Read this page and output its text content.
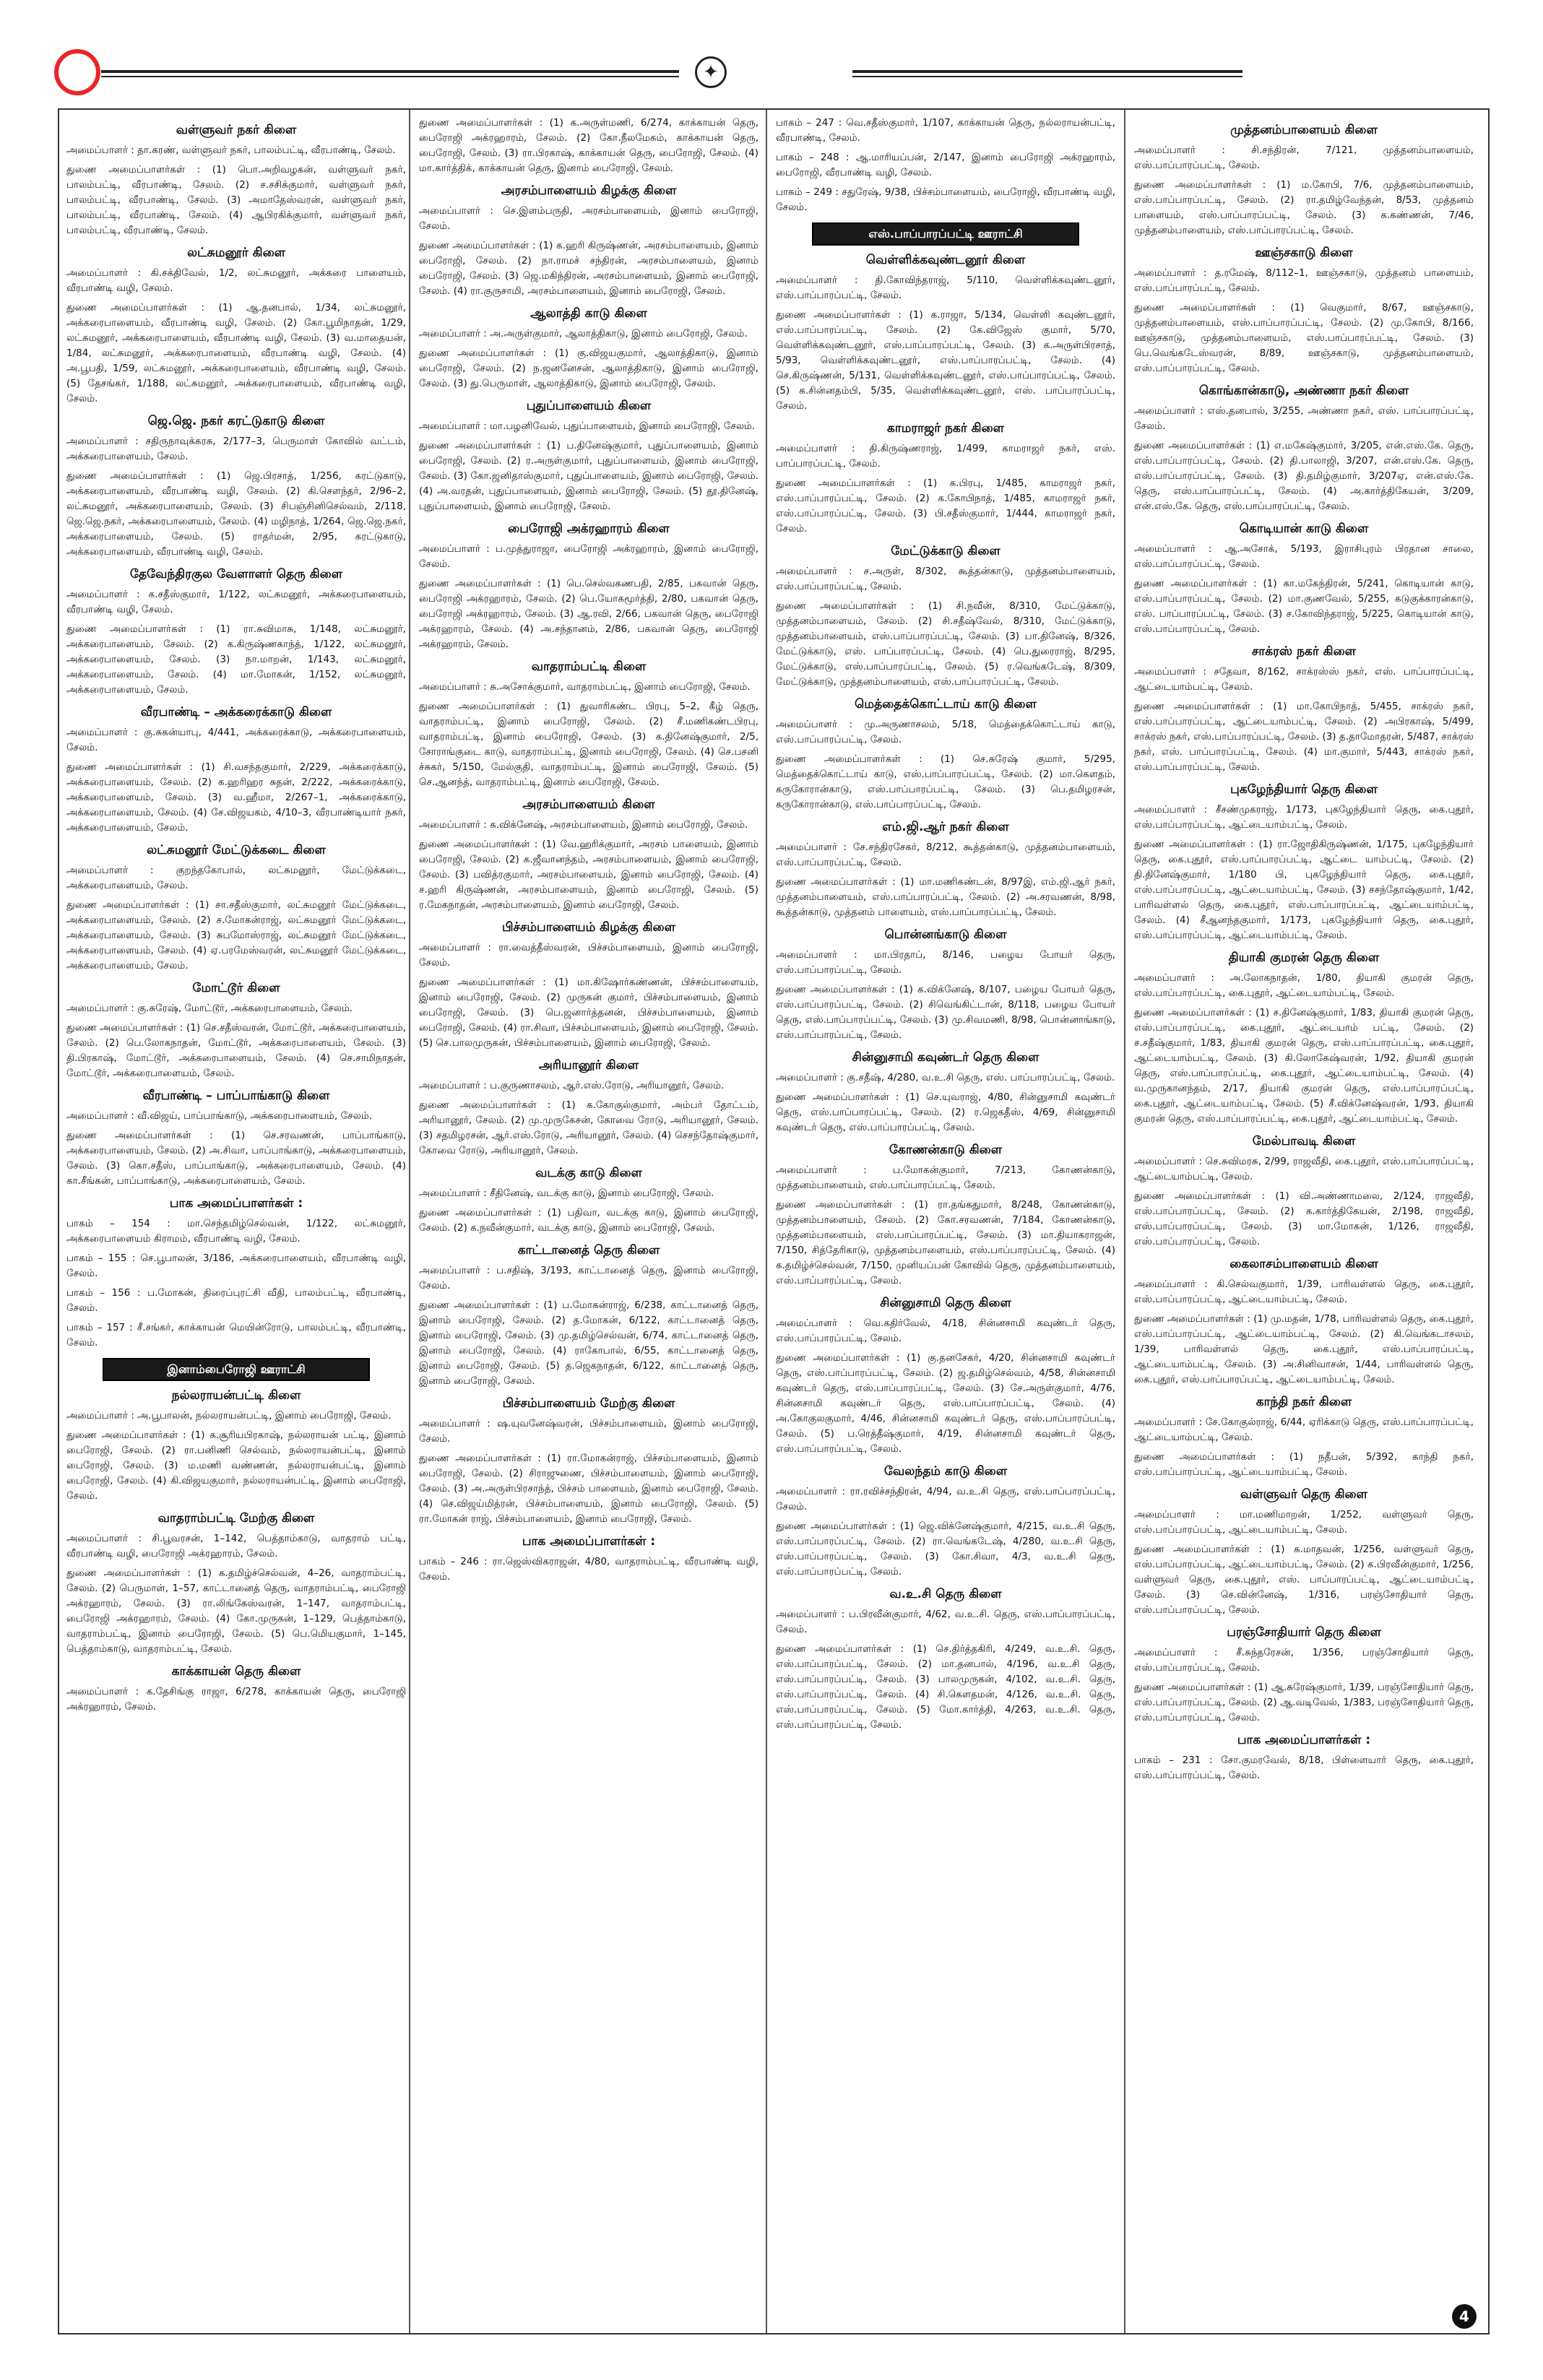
✦
வள்ளுவர் நகர் கிளை

அமைப்பாளர் : தா.கரண், வள்ளுவர் நகர், பாலம்பட்டி, வீரபாண்டி, சேலம்.

துணை அமைப்பாளர்கள் : (1) பொ.அறிவழகன், வள்ளுவர் நகர், பாலம்பட்டி, வீரபாண்டி, சேலம். (2) ச.சசிக்குமார், வள்ளுவர் நகர், பாலம்பட்டி, வீரபாண்டி, சேலம். (3) அமாதேஸ்வரன், வள்ளுவர் நகர், பாலம்பட்டி, வீரபாண்டி, சேலம். (4) ஆபிரகிக்குமார், வள்ளுவர் நகர், பாலம்பட்டி, வீரபாண்டி, சேலம்.

லட்சுமனூர் கிளை

அமைப்பாளர் : கி.சக்திவேல், 1/2, லட்சுமனூர், அக்கரை பாளையம், வீரபாண்டி வழி, சேலம்.

துணை அமைப்பாளர்கள் : (1) ஆ.தனபால், 1/34, லட்சுமனூர், அக்கரைபாளையம், வீரபாண்டி வழி, சேலம். (2) கோ.பூமிநாதன், 1/29, லட்சுமனூர், அக்கரைபாளையம், வீரபாண்டி வழி, சேலம். (3) வ.மாதையன், 1/84, லட்சுமனூர், அக்கரைபாளையம், வீரபாண்டி வழி, சேலம். (4) அ.பூபதி, 1/59, லட்சுமனூர், அக்கரைபாளையம், வீரபாண்டி வழி, சேலம். (5) தேசங்கர், 1/188, லட்சுமனூர், அக்கரைபாளையம், வீரபாண்டி வழி, சேலம்.

ஜெ.ஜெ. நகர் கரட்டுகாடு கிளை

அமைப்பாளர் : சதிருநாவுக்கரசு, 2/177–3, பெருமாள் கோவில் வட்டம், அக்கரைபாளையம், சேலம்.

துணை அமைப்பாளர்கள் : (1) ஜெ.பிரசாத், 1/256, கரட்டுகாடு, அக்கரைபாளையம், வீரபாண்டி வழி, சேலம். (2) கி.சௌந்தர், 2/96–2, லட்சுமனூர், அக்கரைபாளையம், சேலம். (3) சிபஞ்சினிசெல்வம், 2/118, ஜெ.ஜெ.நகர், அக்கரைபாளையம், சேலம். (4) மழிநாத், 1/264, ஜெ.ஜெ.நகர், அக்கரைபாளையம், சேலம். (5) ராதர்மன், 2/95, கரட்டுகாடு, அக்கரைபாளையம், வீரபாண்டி வழி, சேலம்.

தேவேந்திரகுல வேளாளர் தெரு கிளை

அமைப்பாளர் : க.சதீஸ்குமார், 1/122, லட்சுமனூர், அக்கரைபாளையம், வீரபாண்டி வழி, சேலம்.

துணை அமைப்பாளர்கள் : (1) ரா.சுவிமாசு, 1/148, லட்சுமனூர், அக்கரைபாளையம், சேலம். (2) க.கிருஷ்ணகாந்த், 1/122, லட்சுமனூர், அக்கரைபாளையம், சேலம். (3) நா.மாறன், 1/143, லட்சுமனூர், அக்கரைபாளையம், சேலம். (4) மா.மோகன், 1/152, லட்சுமனூர், அக்கரைபாளையம், சேலம்.

வீரபாண்டி – அக்கரைக்காடு கிளை

அமைப்பாளர் : கு.சுகன்யாபு, 4/441, அக்கரைக்காடு, அக்கரைபாளையம், சேலம்.

துணை அமைப்பாளர்கள் : (1) சி.வசந்தகுமார், 2/229, அக்கரைக்காடு, அக்கரைபாளையம், சேலம். (2) க.ஹரிஹர சுதன், 2/222, அக்கரைக்காடு, அக்கரைபாளையம், சேலம். (3) வ.ஹீமா, 2/267–1, அக்கரைக்காடு, அக்கரைபாளையம், சேலம். (4) சே.விஜயகம், 4/10–3, வீரபாண்டியார் நகர், அக்கரைபாளையம், சேலம்.

லட்சுமனூர் மேட்டுக்கடை கிளை

அமைப்பாளர் : குறந்தகோபால், லட்சுமனூர், மேட்டுக்கடை, அக்கரைபாளையம், சேலம்.

துணை அமைப்பாளர்கள் : (1) சா.சதீஸ்குமார், லட்சுமனூர் மேட்டுக்கடை, அக்கரைபாளையம், சேலம். (2) ச.மோகன்ராஜ், லட்சுமனூர் மேட்டுக்கடை, அக்கரைபாளையம், சேலம். (3) சுபமோஸ்ராஜ், லட்சுமனூர் மேட்டுக்கடை, அக்கரைபாளையம், சேலம். (4) ஏ.பரமேஸ்வரன், லட்சுமனூர் மேட்டுக்கடை, அக்கரைபாளையம், சேலம்.

மோட்டூர் கிளை

அமைப்பாளர் : கு.சுரேஷ், மோட்டூர், அக்கரைபாளையம், சேலம்.

துணை அமைப்பாளர்கள் : (1) செ.சதீஸ்வரன், மோட்டூர், அக்கரைபாளையம், சேலம். (2) பெ.லோகநாதன், மோட்டூர், அக்கரைபாளையம், சேலம். (3) தி.பிரகாஷ், மோட்டூர், அக்கரைபாளையம், சேலம். (4) செ.சாமிநாதன், மோட்டூர், அக்கரைபாளையம், சேலம்.

வீரபாண்டி – பாப்பாங்காடு கிளை

அமைப்பாளர் : வீ.விஜய், பாப்பாங்காடு, அக்கரைபாளையம், சேலம்.

துணை அமைப்பாளர்கள் : (1) செ.சரவணன், பாப்பாங்காடு, அக்கரைபாளையம், சேலம். (2) அ.சிவா, பாப்பாங்காடு, அக்கரைபாளையம், சேலம். (3) கொ.சதீஸ், பாப்பாங்காடு, அக்கரைபாளையம், சேலம். (4) கா.சீங்கன், பாப்பாங்காடு, அக்கரைபாளையம், சேலம்.

பாக அமைப்பாளர்கள் :

பாகம் – 154 : மா.செந்தமிழ்செல்வன், 1/122, லட்சுமனூர், அக்கரைபாளையம் கிராமம், வீரபாண்டி வழி, சேலம்.

பாகம் – 155 : செ.பூபாலன், 3/186, அக்கரைபாளையம், வீரபாண்டி வழி, சேலம்.

பாகம் – 156 : ப.மோகன், திரைப்புரட்சி வீதி, பாலம்பட்டி, வீரபாண்டி, சேலம்.

பாகம் – 157 : சீ.சங்கர், காக்காயன் மெயின்ரோடு, பாலம்பட்டி, வீரபாண்டி, சேலம்.

இனாம்பைரோஜி ஊராட்சி
நல்லராயன்பட்டி கிளை

அமைப்பாளர் : அ.பூபாலன், நல்லராயன்பட்டி, இனாம் பைரோஜி, சேலம்.

துணை அமைப்பாளர்கள் : (1) க.சூரியபிரகாஷ், நல்லராயன் பட்டி, இனாம் பைரோஜி, சேலம். (2) ரா.பனிணி செல்வம், நல்லராயன்பட்டி, இனாம் பைரோஜி, சேலம். (3) ம.மணி வண்ணன், நல்லராயன்பட்டி, இனாம் பைரோஜி, சேலம். (4) கி.விஜயகுமார், நல்லராயன்பட்டி, இனாம் பைரோஜி, சேலம்.

வாதராம்பட்டி மேற்கு கிளை

அமைப்பாளர் : சி.பூவரசன், 1–142, பெத்தாம்காடு, வாதராம் பட்டி, வீரபாண்டி வழி, பைரோஜி அக்ரஹாரம், சேலம்.

துணை அமைப்பாளர்கள் : (1) க.தமிழ்ச்செல்வன், 4–26, வாதராம்பட்டி, சேலம். (2) பெருமாள், 1–57, காட்டானைத் தெரு, வாதராம்பட்டி, பைரோஜி அக்ரஹாரம், சேலம். (3) ரா.லிங்கேஸ்வரன், 1–147, வாதராம்பட்டி, பைரோஜி அக்ரஹாரம், சேலம். (4) கோ.முருகன், 1–129, பெத்தாம்காடு, வாதராம்பட்டி, இனாம் பைரோஜி, சேலம். (5) பெ.மெியகுமார், 1–145, பெத்தாம்காடு, வாதராம்பட்டி, சேலம்.

காக்காயன் தெரு கிளை

அமைப்பாளர் : க.தேசிங்கு ராஜா, 6/278, காக்காயன் தெரு, பைரோஜி அக்ரஹாரம், சேலம்.

துணை அமைப்பாளர்கள் : (1) க.அருள்மணி, 6/274, காக்காயன் தெரு, பைரோஜி அக்ரஹாரம், சேலம். (2) கோ.நீலமேகம், காக்காயன் தெரு, பைரோஜி, சேலம். (3) ரா.பிரகாஷ், காக்காயன் தெரு, பைரோஜி, சேலம். (4) மா.கார்த்திக், காக்காயன் தெரு, இனாம் பைரோஜி, சேலம்.

அரசம்பாளையம் கிழக்கு கிளை

அமைப்பாளர் : செ.இளம்பருதி, அரசம்பாளையம், இனாம் பைரோஜி, சேலம்.

துணை அமைப்பாளர்கள் : (1) க.ஹரி கிருஷ்ணன், அரசம்பாளையம், இனாம் பைரோஜி, சேலம். (2) நா.ராமச் சந்திரன், அரசம்பாளையம், இனாம் பைரோஜி, சேலம். (3) ஜெ.மகிந்திரன், அரசம்பாளையம், இனாம் பைரோஜி, சேலம். (4) ரா.குருசாமி, அரசம்பாளையம், இனாம் பைரோஜி, சேலம்.

ஆலாத்தி காடு கிளை

அமைப்பாளர் : அ.அருள்குமார், ஆலாத்திகாடு, இனாம் பைரோஜி, சேலம்.

துணை அமைப்பாளர்கள் : (1) கு.விஜயகுமார், ஆலாத்திகாடு, இனாம் பைரோஜி, சேலம். (2) ந.ஜனனேசன், ஆலாத்திகாடு, இனாம் பைரோஜி, சேலம். (3) து.பெருமாள், ஆலாத்திகாடு, இனாம் பைரோஜி, சேலம்.

புதுப்பாளையம் கிளை

அமைப்பாளர் : மா.பழனிவேல், புதுப்பாளையம், இனாம் பைரோஜி, சேலம்.

துணை அமைப்பாளர்கள் : (1) ப.தினேஷ்குமார், புதுப்பாளையம், இனாம் பைரோஜி, சேலம். (2) ர.அருள்குமார், புதுப்பாளையம், இனாம் பைரோஜி, சேலம். (3) கோ.ஜனிதாஸ்குமார், புதுப்பாளையம், இனாம் பைரோஜி, சேலம். (4) அ.வரதன், புதுப்பாளையம், இனாம் பைரோஜி, சேலம். (5) தூ.தினேஷ், புதுப்பாளையம், இனாம் பைரோஜி, சேலம்.

பைரோஜி அக்ரஹாரம் கிளை

அமைப்பாளர் : ப.முத்துராஜா, பைரோஜி அக்ரஹாரம், இனாம் பைரோஜி, சேலம்.

துணை அமைப்பாளர்கள் : (1) பெ.செல்வகணபதி, 2/85, பகவான் தெரு, பைரோஜி அக்ரஹாரம், சேலம். (2) பெ.யோகமூர்த்தி, 2/80, பகவான் தெரு, பைரோஜி அக்ரஹாரம், சேலம். (3) ஆ.ரவி, 2/66, பகவான் தெரு, பைரோஜி அக்ரஹாரம், சேலம். (4) அ.சந்தானம், 2/86, பகவான் தெரு, பைரோஜி அக்ரஹாரம், சேலம்.

வாதராம்பட்டி கிளை

அமைப்பாளர் : சு.அசோக்குமார், வாதராம்பட்டி, இனாம் பைரோஜி, சேலம்.

துணை அமைப்பாளர்கள் : (1) துவாரிகண்ட பிரபு, 5–2, கீழ் தெரு, வாதராம்பட்டி, இனாம் பைரோஜி, சேலம். (2) சீ.மணிகண்டபிரபு, வாதராம்பட்டி, இனாம் பைரோஜி, சேலம். (3) க.தினேஷ்குமார், 2/5, சோராங்குடை காடு, வாதராம்பட்டி, இனாம் பைரோஜி, சேலம். (4) செ.பசனி ச்சுகர், 5/150, மேல்குதி, வாதராம்பட்டி, இனாம் பைரோஜி, சேலம். (5) செ.ஆனந்த், வாதராம்பட்டி, இனாம் பைரோஜி, சேலம்.

அரசம்பாளையம் கிளை

அமைப்பாளர் : க.விக்னேஷ், அரசம்பாளையம், இனாம் பைரோஜி, சேலம்.

துணை அமைப்பாளர்கள் : (1) வே.ஹரிக்குமார், அரசம் பாளையம், இனாம் பைரோஜி, சேலம். (2) க.ஜீவானந்தம், அரசம்பாளையம், இனாம் பைரோஜி, சேலம். (3) பவித்ரகுமார், அரசம்பாளையம், இனாம் பைரோஜி, சேலம். (4) ச.ஹரி கிருஷ்ணன், அரசம்பாளையம், இனாம் பைரோஜி, சேலம். (5) ர.மேகநாதன், அரசம்பாளையம், இனாம் பைரோஜி, சேலம்.

பிச்சம்பாளையம் கிழக்கு கிளை

அமைப்பாளர் : ரா.வைத்தீஸ்வரன், பிச்சம்பாளையம், இனாம் பைரோஜி, சேலம்.

துணை அமைப்பாளர்கள் : (1) மா.கிஷோர்கண்ணன், பிச்சம்பாளையம், இனாம் பைரோஜி, சேலம். (2) முருகன் குமார், பிச்சம்பாளையம், இனாம் பைரோஜி, சேலம். (3) பெ.ஜனார்த்தனன், பிச்சம்பாளையம், இனாம் பைரோஜி, சேலம். (4) ரா.சிவா, பிச்சம்பாளையம், இனாம் பைரோஜி, சேலம். (5) செ.பாலமுருகன், பிச்சம்பாளையம், இனாம் பைரோஜி, சேலம்.

அரியானூர் கிளை

அமைப்பாளர் : ப.குருணாசலம், ஆர்.எஸ்.ரோடு, அரியானூர், சேலம்.

துணை அமைப்பாளர்கள் : (1) க.கோகுல்குமார், அம்பர் தோட்டம், அரியானூர், சேலம். (2) மு.முருகேசன், கோவை ரோடு, அரியானூர், சேலம். (3) சதமிழரசன், ஆர்.எஸ்.ரோடு, அரியானூர், சேலம். (4) செசந்தோஷ்குமார், கோவை ரோடு, அரியானூர், சேலம்.

வடக்கு காடு கிளை

அமைப்பாளர் : சீதினேஷ், வடக்கு காடு, இனாம் பைரோஜி, சேலம்.

துணை அமைப்பாளர்கள் : (1) பதிவா, வடக்கு காடு, இனாம் பைரோஜி, சேலம். (2) க.நவீன்குமார், வடக்கு காடு, இனாம் பைரோஜி, சேலம்.

காட்டானைத் தெரு கிளை

அமைப்பாளர் : ப.சதிஷ், 3/193, காட்டானைத் தெரு, இனாம் பைரோஜி, சேலம்.

துணை அமைப்பாளர்கள் : (1) ப.மோகன்ராஜ், 6/238, காட்டானைத் தெரு, இனாம் பைரோஜி, சேலம். (2) த.மோகன், 6/122, காட்டானைத் தெரு, இனாம் பைரோஜி, சேலம். (3) மு.தமிழ்செல்வன், 6/74, காட்டானைத் தெரு, இனாம் பைரோஜி, சேலம். (4) ராகோபால், 6/55, காட்டானைத் தெரு, இனாம் பைரோஜி, சேலம். (5) த.ஜெகநாதன், 6/122, காட்டானைத் தெரு, இனாம் பைரோஜி, சேலம்.

பிச்சம்பாளையம் மேற்கு கிளை

அமைப்பாளர் : ஷ.யுவனேஷ்வரன், பிச்சம்பாளையம், இனாம் பைரோஜி, சேலம்.

துணை அமைப்பாளர்கள் : (1) ரா.மோகன்ராஜ், பிச்சம்பாளையம், இனாம் பைரோஜி, சேலம். (2) சிராஜுணை, பிச்சம்பாளையம், இனாம் பைரோஜி, சேலம். (3) அ.அருள்பிரசாந்த், பிச்சம் பாளையம், இனாம் பைரோஜி, சேலம். (4) செ.விஜய்மித்ரன், பிச்சம்பாளையம், இனாம் பைரோஜி, சேலம். (5) ரா.மோகன் ராஜ், பிச்சம்பாளையம், இனாம் பைரோஜி, சேலம்.

பாக அமைப்பாளர்கள் :

பாகம் – 246 : ரா.ஜெஸ்விகராஜன், 4/80, வாதராம்பட்டி, வீரபாண்டி வழி, சேலம்.

பாகம் – 247 : வெ.சதீஸ்குமார், 1/107, காக்காயன் தெரு, நல்லராயன்பட்டி, வீரபாண்டி, சேலம்.

பாகம் – 248 : ஆ.மாரியப்பன், 2/147, இனாம் பைரோஜி அக்ரஹாரம், பைரோஜி, வீரபாண்டி வழி, சேலம்.

பாகம் – 249 : சதுரேஷ், 9/38, பிச்சம்பாளையம், பைரோஜி, வீரபாண்டி வழி, சேலம்.

எஸ்.பாப்பாரப்பட்டி ஊராட்சி
வெள்ளிக்கவுண்டனூர் கிளை

அமைப்பாளர் : தி.கோவிந்தராஜ், 5/110, வெள்ளிக்கவுண்டனூர், எஸ்.பாப்பாரப்பட்டி, சேலம்.

துணை அமைப்பாளர்கள் : (1) க.ராஜா, 5/134, வெள்ளி கவுண்டனூர், எஸ்.பாப்பாரப்பட்டி, சேலம். (2) கே.விஜேஸ் குமார், 5/70, வெள்ளிக்கவுண்டனூர், எஸ்.பாப்பாரப்பட்டி, சேலம். (3) க.அருள்பிரசாத், 5/93, வெள்ளிக்கவுண்டனூர், எஸ்.பாப்பாரப்பட்டி, சேலம். (4) செ.கிருஷ்ணன், 5/131, வெள்ளிக்கவுண்டனூர், எஸ்.பாப்பாரப்பட்டி, சேலம். (5) க.சின்னதம்பி, 5/35, வெள்ளிக்கவுண்டனூர், எஸ். பாப்பாரப்பட்டி, சேலம்.

காமராஜர் நகர் கிளை

அமைப்பாளர் : தி.கிருஷ்ணராஜ், 1/499, காமராஜர் நகர், எஸ். பாப்பாரப்பட்டி, சேலம்.

துணை அமைப்பாளர்கள் : (1) க.பிரபு, 1/485, காமராஜர் நகர், எஸ்.பாப்பாரப்பட்டி, சேலம். (2) க.கோபிநாத், 1/485, காமராஜர் நகர், எஸ்.பாப்பாரப்பட்டி, சேலம். (3) பி.சதீஸ்குமார், 1/444, காமராஜர் நகர், சேலம்.

மேட்டுக்காடு கிளை

அமைப்பாளர் : ச.அருள், 8/302, கூத்தன்காடு, முத்தனம்பாளையம், எஸ்.பாப்பாரப்பட்டி, சேலம்.

துணை அமைப்பாளர்கள் : (1) சி.நவீன், 8/310, மேட்டுக்காடு, முத்தனம்பாளையம், சேலம். (2) சி.சதீஷ்வேல், 8/310, மேட்டுக்காடு, முத்தனம்பாளையம், எஸ்.பாப்பாரப்பட்டி, சேலம். (3) பா.தினேஷ், 8/326, மேட்டுக்காடு, எஸ். பாப்பாரப்பட்டி, சேலம். (4) பெ.துரைராஜ், 8/295, மேட்டுக்காடு, எஸ்.பாப்பாரப்பட்டி, சேலம். (5) ர.வெங்கடேஷ், 8/309, மேட்டுக்காடு, முத்தனம்பாளையம், எஸ்.பாப்பாரப்பட்டி, சேலம்.

மெத்தைக்கொட்டாய் காடு கிளை

அமைப்பாளர் : மு.அருணாசலம், 5/18, மெத்தைக்கொட்டாய் காடு, எஸ்.பாப்பாரப்பட்டி, சேலம்.

துணை அமைப்பாளர்கள் : (1) செ.சுரேஷ் குமார், 5/295, மெத்தைக்கொட்டாய் காடு, எஸ்.பாப்பாரப்பட்டி, சேலம். (2) மா.கௌதம், கருகோரான்காடு, எஸ்.பாப்பாரப்பட்டி, சேலம். (3) பெ.தமிழரசன், கருகோரான்காடு, எஸ்.பாப்பாரப்பட்டி, சேலம்.

எம்.ஜி.ஆர் நகர் கிளை

அமைப்பாளர் : சே.சந்திரசேகர், 8/212, கூத்தன்காடு, முத்தனம்பாளையம், எஸ்.பாப்பாரப்பட்டி, சேலம்.

துணை அமைப்பாளர்கள் : (1) மா.மணிகண்டன், 8/97இ, எம்.ஜி.ஆர் நகர், முத்தனம்பாளையம், எஸ்.பாப்பாரப்பட்டி, சேலம். (2) அ.சரவணன், 8/98, கூத்தன்காடு, முத்தனம் பாளையம், எஸ்.பாப்பாரப்பட்டி, சேலம்.

பொன்னங்காடு கிளை

அமைப்பாளர் : மா.பிரதாப், 8/146, பழைய போயர் தெரு, எஸ்.பாப்பாரப்பட்டி, சேலம்.

துணை அமைப்பாளர்கள் : (1) க.விக்னேஷ், 8/107, பழைய போயர் தெரு, எஸ்.பாப்பாரப்பட்டி, சேலம். (2) சிவெங்கிட்டான், 8/118, பழைய போயர் தெரு, எஸ்.பாப்பாரப்பட்டி, சேலம். (3) மு.சிவமணி, 8/98, பொன்னாங்காடு, எஸ்.பாப்பாரப்பட்டி, சேலம்.

சின்னுசாமி கவுண்டர் தெரு கிளை

அமைப்பாளர் : கு.சதீஷ், 4/280, வ.உ.சி தெரு, எஸ். பாப்பாரப்பட்டி, சேலம்.

துணை அமைப்பாளர்கள் : (1) செ.யுவராஜ், 4/80, சின்னுசாமி கவுண்டர் தெரு, எஸ்.பாப்பாரப்பட்டி, சேலம். (2) ர.ஜெகதீஸ், 4/69, சின்னுசாமி கவுண்டர் தெரு, எஸ்.பாப்பாரப்பட்டி, சேலம்.

கோணன்காடு கிளை

அமைப்பாளர் : ப.மோகன்குமார், 7/213, கோணன்காடு, முத்தனம்பாளையம், எஸ்.பாப்பாரப்பட்டி, சேலம்.

துணை அமைப்பாளர்கள் : (1) ரா.தங்கதுமார், 8/248, கோணன்காடு, முத்தனம்பாளையம், சேலம். (2) கோ.சரவணன், 7/184, கோணன்காடு, முத்தனம்பாளையம், எஸ்.பாப்பாரப்பட்டி, சேலம். (3) மா.தியாகராஜன், 7/150, சித்தேரிகாடு, முத்தனம்பாளையம், எஸ்.பாப்பாரப்பட்டி, சேலம். (4) க.தமிழ்ச்செல்வன், 7/150, முனியப்பன் கோவில் தெரு, முத்தனம்பாளையம், எஸ்.பாப்பாரப்பட்டி, சேலம்.

சின்னுசாமி தெரு கிளை

அமைப்பாளர் : வெ.கதிர்வேல், 4/18, சின்னசாமி கவுண்டர் தெரு, எஸ்.பாப்பாரப்பட்டி, சேலம்.

துணை அமைப்பாளர்கள் : (1) கு.தனசேகர், 4/20, சின்னசாமி கவுண்டர் தெரு, எஸ்.பாப்பாரப்பட்டி, சேலம். (2) ஜ.தமிழ்செல்வம், 4/58, சின்னசாமி கவுண்டர் தெரு, எஸ்.பாப்பாரப்பட்டி, சேலம். (3) சே.அருள்குமார், 4/76, சின்னசாமி கவுண்டர் தெரு, எஸ்.பாப்பாரப்பட்டி, சேலம். (4) அ.கோகுலகுமார், 4/46, சின்னசாமி கவுண்டர் தெரு, எஸ்.பாப்பாரப்பட்டி, சேலம். (5) ப.ரெத்தீஷ்குமார், 4/19, சின்னசாமி கவுண்டர் தெரு, எஸ்.பாப்பாரப்பட்டி, சேலம்.

வேலந்தம் காடு கிளை

அமைப்பாளர் : ரா.ரவிச்சந்திரன், 4/94, வ.உ.சி தெரு, எஸ்.பாப்பாரப்பட்டி, சேலம்.

துணை அமைப்பாளர்கள் : (1) ஜெ.விக்னேஷ்குமார், 4/215, வ.உ.சி தெரு, எஸ்.பாப்பாரப்பட்டி, சேலம். (2) ரா.வெங்கடேஷ், 4/280, வ.உ.சி தெரு, எஸ்.பாப்பாரப்பட்டி, சேலம். (3) கோ.சிவா, 4/3, வ.உ.சி தெரு, எஸ்.பாப்பாரப்பட்டி, சேலம்.

வ.உ.சி தெரு கிளை

அமைப்பாளர் : ப.பிரவீன்குமார், 4/62, வ.உ.சி. தெரு, எஸ்.பாப்பாரப்பட்டி, சேலம்.

துணை அமைப்பாளர்கள் : (1) செ.திர்த்தகிரி, 4/249, வ.உ.சி. தெரு, எஸ்.பாப்பாரப்பட்டி, சேலம். (2) மா.தனபால், 4/196, வ.உ.சி தெரு, எஸ்.பாப்பாரப்பட்டி, சேலம். (3) பாலமுருகன், 4/102, வ.உ.சி. தெரு, எஸ்.பாப்பாரப்பட்டி, சேலம். (4) சி.கௌதமன், 4/126, வ.உ.சி. தெரு, எஸ்.பாப்பாரப்பட்டி, சேலம். (5) மோ.கார்த்தி, 4/263, வ.உ.சி. தெரு, எஸ்.பாப்பாரப்பட்டி, சேலம்.

முத்தனம்பாளையம் கிளை

அமைப்பாளர் : சி.சந்திரன், 7/121, முத்தனம்பாளையம், எஸ்.பாப்பாரப்பட்டி, சேலம்.

துணை அமைப்பாளர்கள் : (1) ம.கோபி, 7/6, முத்தனம்பாளையம், எஸ்.பாப்பாரப்பட்டி, சேலம். (2) ரா.தமிழ்வேந்தன், 8/53, முத்தனம் பாளையம், எஸ்.பாப்பாரப்பட்டி, சேலம். (3) க.கண்ணன், 7/46, முத்தனம்பாளையம், எஸ்.பாப்பாரப்பட்டி, சேலம்.

ஊஞ்சகாடு கிளை

அமைப்பாளர் : த.ரமேஷ், 8/112–1, ஊஞ்சகாடு, முத்தனம் பாளையம், எஸ்.பாப்பாரப்பட்டி, சேலம்.

துணை அமைப்பாளர்கள் : (1) வெகுமார், 8/67, ஊஞ்சகாடு, முத்தனம்பாளையம், எஸ்.பாப்பாரப்பட்டி, சேலம். (2) மு.கோபி, 8/166, ஊஞ்சகாடு, முத்தனம்பாளையம், எஸ்.பாப்பாரப்பட்டி, சேலம். (3) பெ.வெங்கடேஸ்வரன், 8/89, ஊஞ்சகாடு, முத்தனம்பாளையம், எஸ்.பாப்பாரப்பட்டி, சேலம்.

கொங்கான்காடு, அண்ணா நகர் கிளை

அமைப்பாளர் : எஸ்.தனபால், 3/255, அண்ணா நகர், எஸ். பாப்பாரப்பட்டி, சேலம்.

துணை அமைப்பாளர்கள் : (1) எ.மகேஷ்குமார், 3/205, என்.எஸ்.கே. தெரு, எஸ்.பாப்பாரப்பட்டி, சேலம். (2) தி.பாலாஜி, 3/207, என்.எஸ்.கே. தெரு, எஸ்.பாப்பாரப்பட்டி, சேலம். (3) தி.தமிழ்குமார், 3/207ஏ, என்.எஸ்.கே. தெரு, எஸ்.பாப்பாரப்பட்டி, சேலம். (4) அ.கார்த்திகேயன், 3/209, என்.எஸ்.கே. தெரு, எஸ்.பாப்பாரப்பட்டி, சேலம்.

கொடியான் காடு கிளை

அமைப்பாளர் : ஆ.அசோக், 5/193, இராசிபுரம் பிரதான சாலை, எஸ்.பாப்பாரப்பட்டி, சேலம்.

துணை அமைப்பாளர்கள் : (1) கா.மகேந்திரன், 5/241, கொடியான் காடு, எஸ்.பாப்பாரப்பட்டி, சேலம். (2) மா.குணவேல், 5/255, கடுகுக்காரன்காடு, எஸ். பாப்பாரப்பட்டி, சேலம். (3) ச.கோவிந்தராஜ், 5/225, கொடியான் காடு, எஸ்.பாப்பாரப்பட்டி, சேலம்.

சாக்ரஸ் நகர் கிளை

அமைப்பாளர் : சதேவா, 8/162, சாக்ரஸ்ஸ் நகர், எஸ். பாப்பாரப்பட்டி, ஆட்டையாம்பட்டி, சேலம்.

துணை அமைப்பாளர்கள் : (1) மா.கோபிநாத், 5/455, சாக்ரஸ் நகர், எஸ்.பாப்பாரப்பட்டி, ஆட்டையாம்பட்டி, சேலம். (2) அபிரகாஷ், 5/499, சாக்ரஸ் நகர், எஸ்.பாப்பாரப்பட்டி, சேலம். (3) த.தாமோதரன், 5/487, சாக்ரஸ் நகர், எஸ். பாப்பாரப்பட்டி, சேலம். (4) மா.குமார், 5/443, சாக்ரஸ் நகர், எஸ்.பாப்பாரப்பட்டி, சேலம்.

புகழேந்தியார் தெரு கிளை

அமைப்பாளர் : சீசண்முகராஜ், 1/173, புகழேந்தியார் தெரு, கை.புதூர், எஸ்.பாப்பாரப்பட்டி, ஆட்டையாம்பட்டி, சேலம்.

துணை அமைப்பாளர்கள் : (1) ரா.ஜோதிகிருஷ்ணன், 1/175, புகழேந்தியார் தெரு, கை.புதூர், எஸ்.பாப்பாரப்பட்டி, ஆட்டை யாம்பட்டி, சேலம். (2) தி.தினேஷ்குமார், 1/180 பி, புகழேந்தியார் தெரு, கை.புதூர், எஸ்.பாப்பாரப்பட்டி, ஆட்டையாம்பட்டி, சேலம். (3) சசந்தோஷ்குமார், 1/42, பாரிவள்ளல் தெரு, கை.புதூர், எஸ்.பாப்பாரப்பட்டி, ஆட்டையாம்பட்டி, சேலம். (4) சீஆனந்தகுமார், 1/173, புகழேந்தியார் தெரு, கை.புதூர், எஸ்.பாப்பாரப்பட்டி, ஆட்டையாம்பட்டி, சேலம்.

தியாகி குமரன் தெரு கிளை

அமைப்பாளர் : அ.லோகநாதன், 1/80, தியாகி குமரன் தெரு, எஸ்.பாப்பாரப்பட்டி, கை.புதூர், ஆட்டையாம்பட்டி, சேலம்.

துணை அமைப்பாளர்கள் : (1) ச.தினேஷ்குமார், 1/83, தியாகி குமரன் தெரு, எஸ்.பாப்பாரப்பட்டி, கை.புதூர், ஆட்டையாம் பட்டி, சேலம். (2) ச.சதீஷ்குமார், 1/83, தியாகி குமரன் தெரு, எஸ்.பாப்பாரப்பட்டி, கை.புதூர், ஆட்டையாம்பட்டி, சேலம். (3) கி.லோகேஷ்வரன், 1/92, தியாகி குமரன் தெரு, எஸ்.பாப்பாரப்பட்டி, கை.புதூர், ஆட்டையாம்பட்டி, சேலம். (4) வ.முருகானந்தம், 2/17, தியாகி குமரன் தெரு, எஸ்.பாப்பாரப்பட்டி, கை.புதூர், ஆட்டையாம்பட்டி, சேலம். (5) சீ.விக்னேஷ்வரன், 1/93, தியாகி குமரன் தெரு, எஸ்.பாப்பாரப்பட்டி, கை.புதூர், ஆட்டையாம்பட்டி, சேலம்.

மேல்பாவடி கிளை

அமைப்பாளர் : செ.சுவிமரசு, 2/99, ராஜவீதி, கை.புதூர், எஸ்.பாப்பாரப்பட்டி, ஆட்டையாம்பட்டி, சேலம்.

துணை அமைப்பாளர்கள் : (1) வி.அண்ணாமலை, 2/124, ராஜவீதி, எஸ்.பாப்பாரப்பட்டி, சேலம். (2) க.கார்த்திகேயன், 2/198, ராஜவீதி, எஸ்.பாப்பாரப்பட்டி, சேலம். (3) மா.மோகன், 1/126, ராஜவீதி, எஸ்.பாப்பாரப்பட்டி, சேலம்.

கைலாசம்பாளையம் கிளை

அமைப்பாளர் : கி.செல்வகுமார், 1/39, பாரிவள்ளல் தெரு, கை.புதூர், எஸ்.பாப்பாரப்பட்டி, ஆட்டையாம்பட்டி, சேலம்.

துணை அமைப்பாளர்கள் : (1) மு.மதன், 1/78, பாரிவள்ளல் தெரு, கை.புதூர், எஸ்.பாப்பாரப்பட்டி, ஆட்டையாம்பட்டி, சேலம். (2) கி.வெங்கடாசலம், 1/39, பாரிவள்ளல் தெரு, கை.புதூர், எஸ்.பாப்பாரப்பட்டி, ஆட்டையாம்பட்டி, சேலம். (3) அ.சினிவாசன், 1/44, பாரிவள்ளல் தெரு, கை.புதூர், எஸ்.பாப்பாரப்பட்டி, ஆட்டையாம்பட்டி, சேலம்.

காந்தி நகர் கிளை

அமைப்பாளர் : சே.கோகுல்ராஜ், 6/44, ஏரிக்காடு தெரு, எஸ்.பாப்பாரப்பட்டி, ஆட்டையாம்பட்டி, சேலம்.

துணை அமைப்பாளர்கள் : (1) நதீபன், 5/392, காந்தி நகர், எஸ்.பாப்பாரப்பட்டி, ஆட்டையாம்பட்டி, சேலம்.

வள்ளுவர் தெரு கிளை

அமைப்பாளர் : மா.மணிமாறன், 1/252, வள்ளுவர் தெரு, எஸ்.பாப்பாரப்பட்டி, ஆட்டையாம்பட்டி, சேலம்.

துணை அமைப்பாளர்கள் : (1) க.மாதவன், 1/256, வள்ளுவர் தெரு, எஸ்.பாப்பாரப்பட்டி, ஆட்டையாம்பட்டி, சேலம். (2) க.பிரவீன்குமார், 1/256, வள்ளுவர் தெரு, கை.புதூர், எஸ். பாப்பாரப்பட்டி, ஆட்டையாம்பட்டி, சேலம். (3) செ.வின்னேஷ், 1/316, பரஞ்சோதியார் தெரு, எஸ்.பாப்பாரப்பட்டி, சேலம்.

பரஞ்சோதியார் தெரு கிளை

அமைப்பாளர் : சீ.சுந்தரேசன், 1/356, பரஞ்சோதியார் தெரு, எஸ்.பாப்பாரப்பட்டி, சேலம்.

துணை அமைப்பாளர்கள் : (1) ஆ.சுரேஷ்குமார், 1/39, பரஞ்சோதியார் தெரு, எஸ்.பாப்பாரப்பட்டி, சேலம். (2) ஆ.வடிவேல், 1/383, பரஞ்சோதியார் தெரு, எஸ்.பாப்பாரப்பட்டி, சேலம்.

பாக அமைப்பாளர்கள் :

பாகம் – 231 : சோ.குமரவேல், 8/18, பிள்ளையார் தெரு, கை.புதூர், எஸ்.பாப்பாரப்பட்டி, சேலம்.

4
